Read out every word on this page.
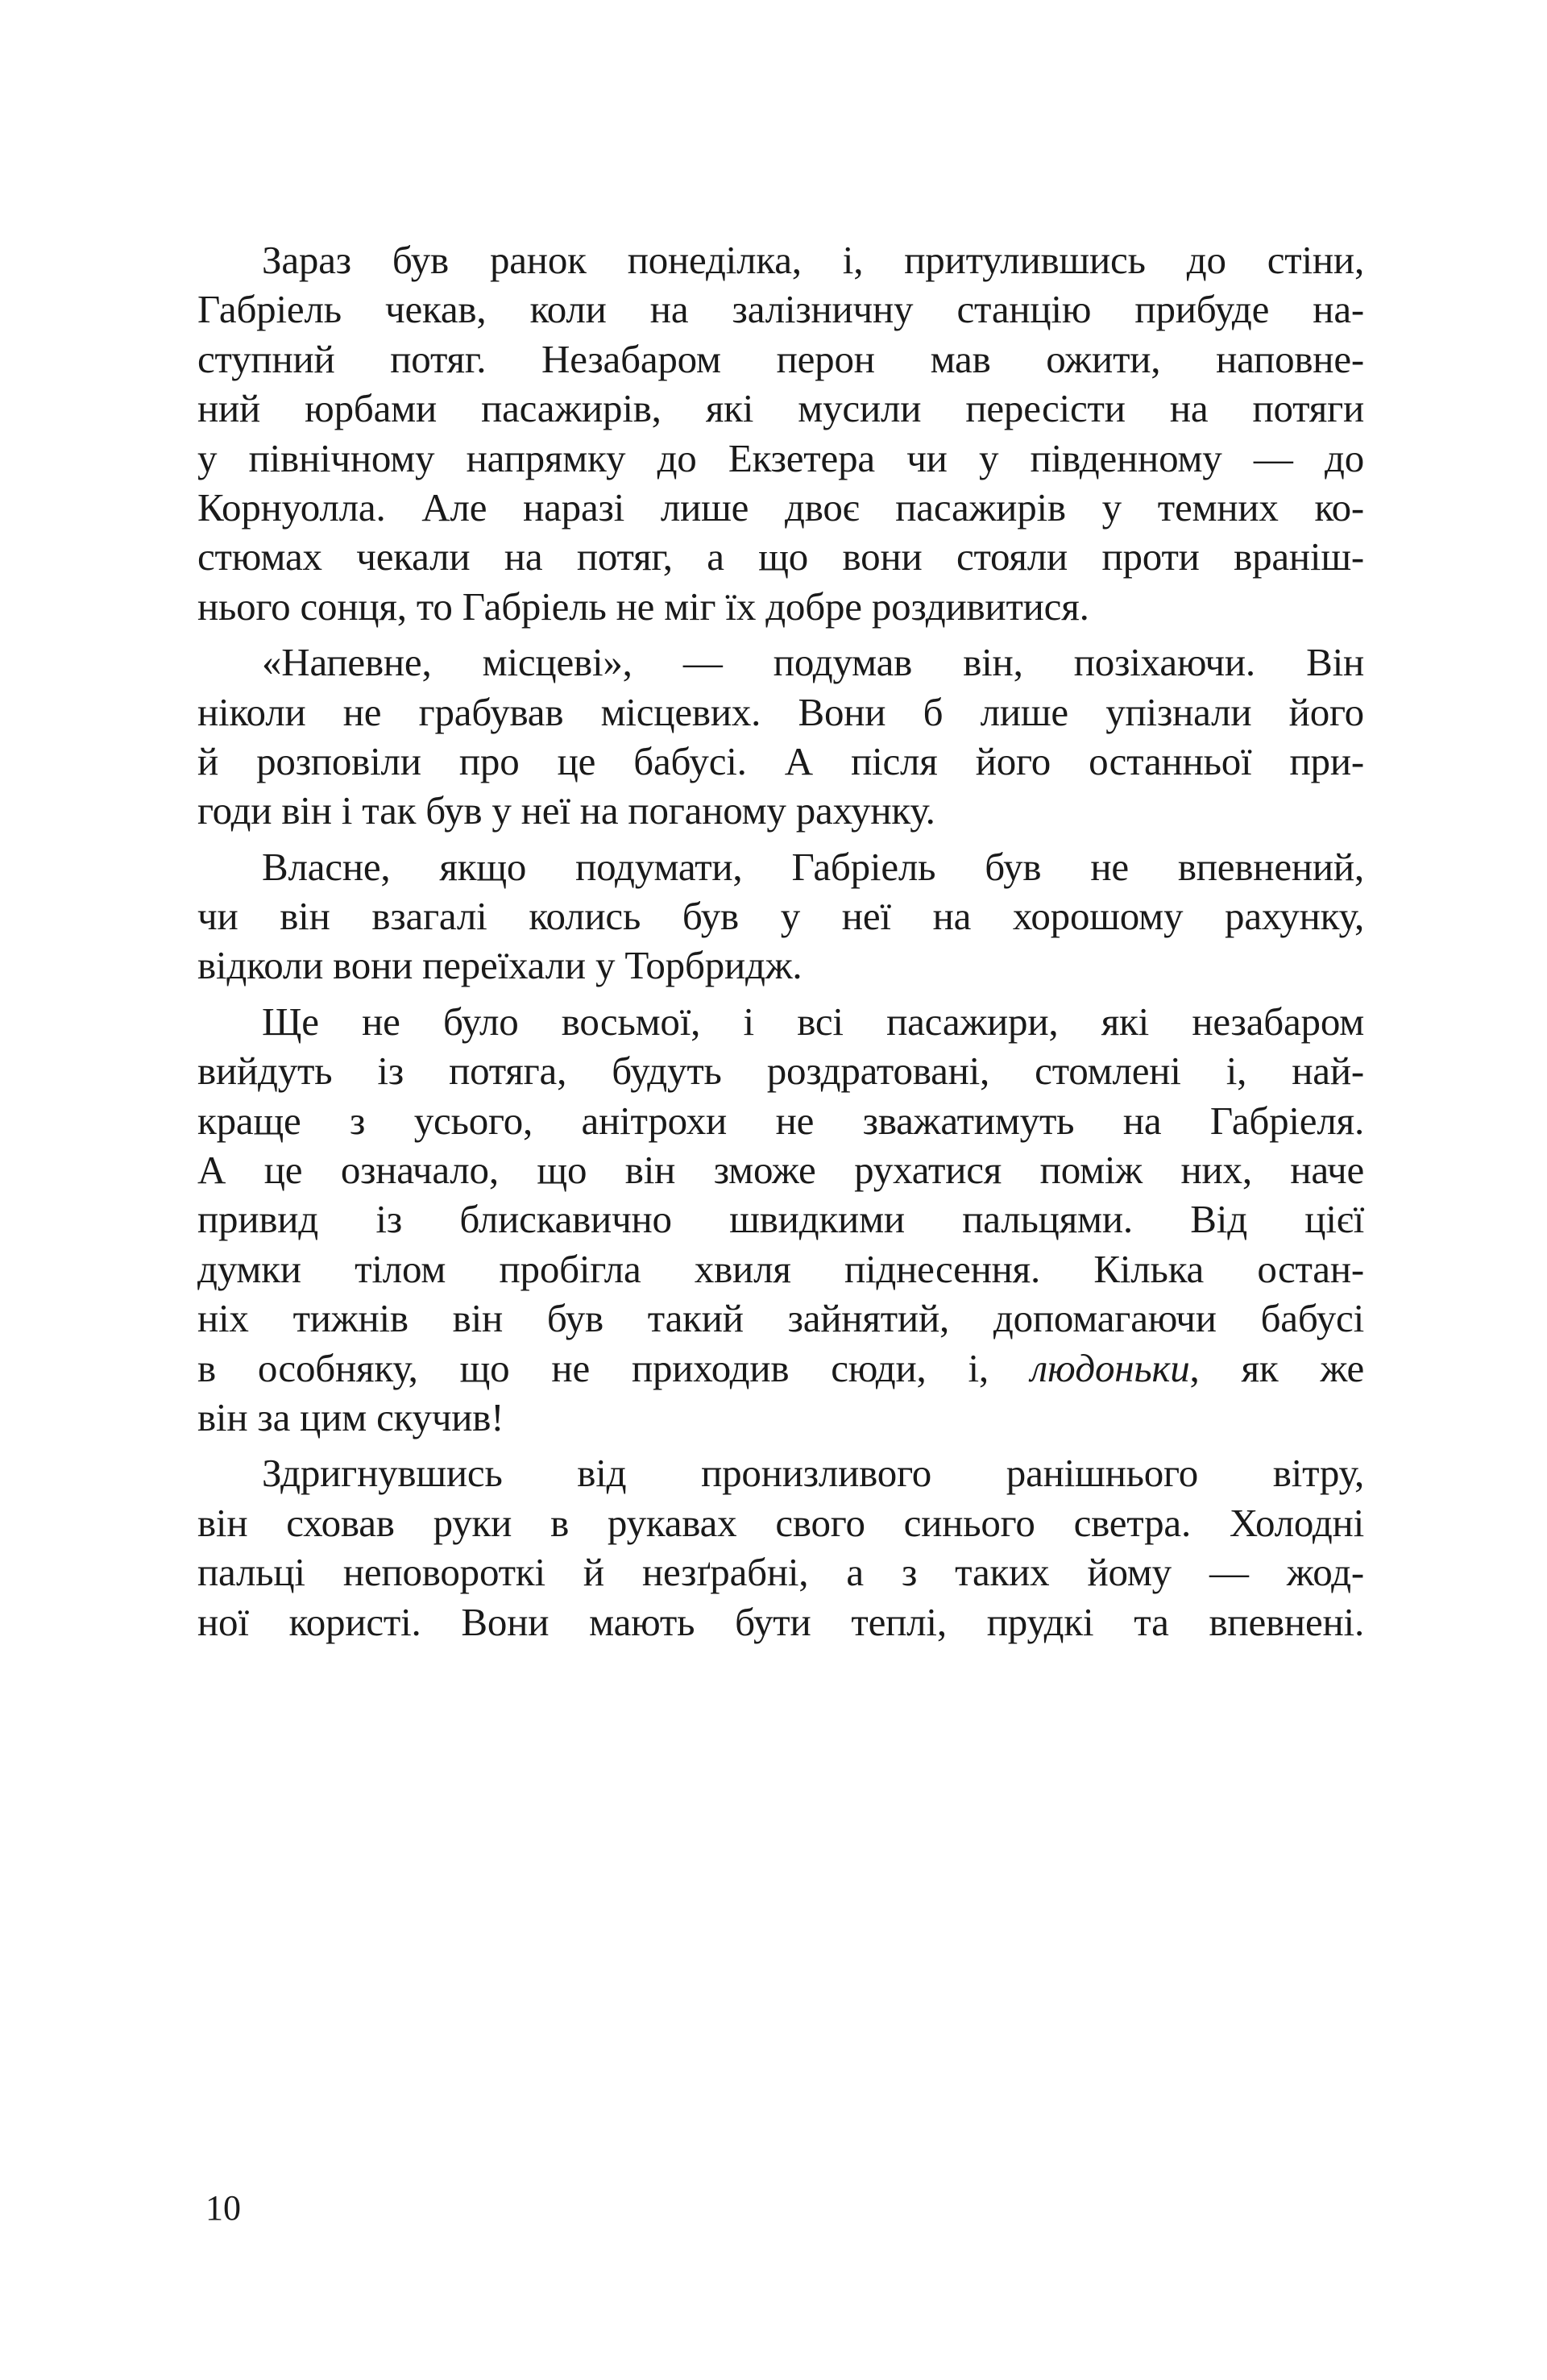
Зараз був ранок понеділка, і, притулившись до стіни,
Габріель чекав, коли на залізничну станцію прибуде на-
ступний потяг. Незабаром перон мав ожити, наповне-
ний юрбами пасажирів, які мусили пересісти на потяги
у північному напрямку до Екзетера чи у південному — до
Корнуолла. Але наразі лише двоє пасажирів у темних ко-
стюмах чекали на потяг, а що вони стояли проти враніш-
нього сонця, то Габріель не міг їх добре роздивитися.
«Напевне, місцеві», — подумав він, позіхаючи. Він
ніколи не грабував місцевих. Вони б лише упізнали його
й розповіли про це бабусі. А після його останньої при-
годи він і так був у неї на поганому рахунку.
Власне, якщо подумати, Габріель був не впевнений,
чи він взагалі колись був у неї на хорошому рахунку,
відколи вони переїхали у Торбридж.
Ще не було восьмої, і всі пасажири, які незабаром
вийдуть із потяга, будуть роздратовані, стомлені і, най-
краще з усього, анітрохи не зважатимуть на Габріеля.
А це означало, що він зможе рухатися поміж них, наче
привид із блискавично швидкими пальцями. Від цієї
думки тілом пробігла хвиля піднесення. Кілька остан-
ніх тижнів він був такий зайнятий, допомагаючи бабусі
в особняку, що не приходив сюди, і, людоньки, як же
він за цим скучив!
Здригнувшись від пронизливого ранішнього вітру,
він сховав руки в рукавах свого синього светра. Холодні
пальці неповороткі й незґрабні, а з таких йому — жод-
ної користі. Вони мають бути теплі, прудкі та впевнені.
10
